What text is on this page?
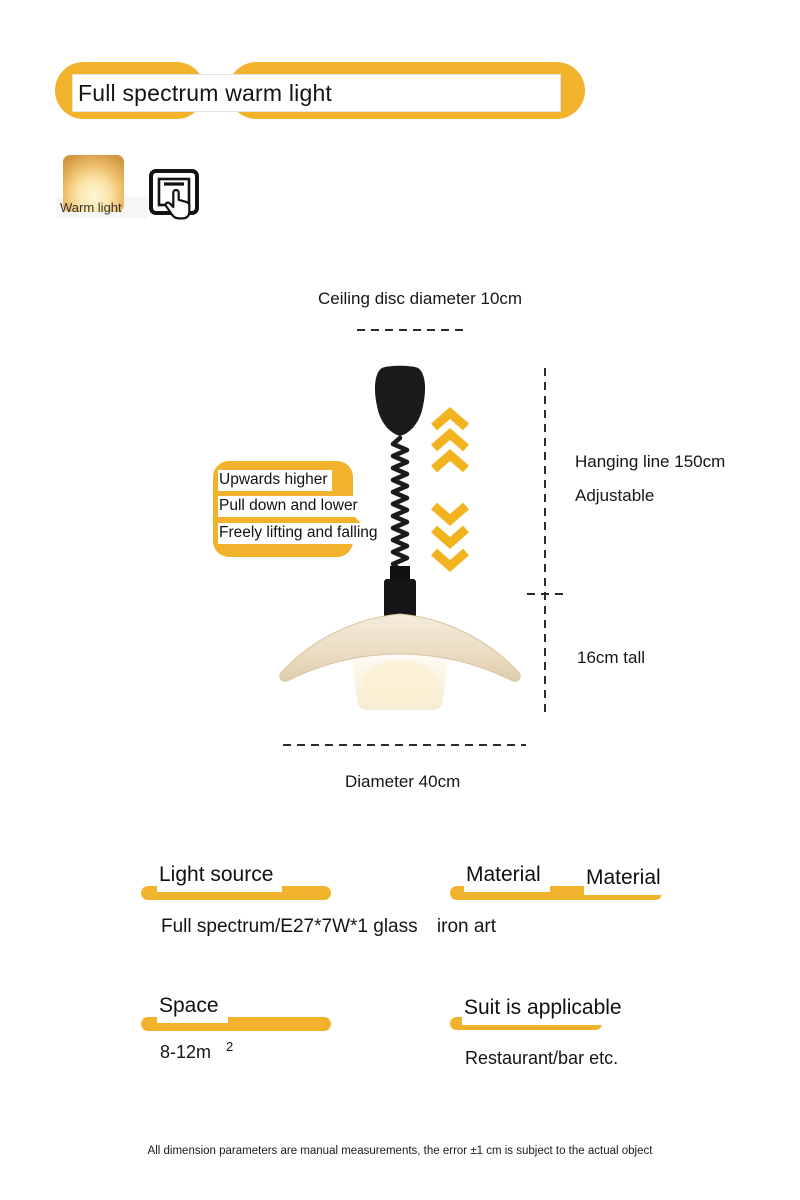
Full spectrum warm light
Warm light
Ceiling disc diameter 10cm
Upwards higher
Pull down and lower
Freely lifting and falling
Hanging line 150cm
Adjustable
16cm tall
Diameter 40cm
Light source
Full spectrum/E27*7W*1 glass iron art
Material	Material
Space
8-12m $^2$
Suit is applicable
Restaurant/bar etc.
All dimension parameters are manual measurements, the error ±1 cm is subject to the actual object
